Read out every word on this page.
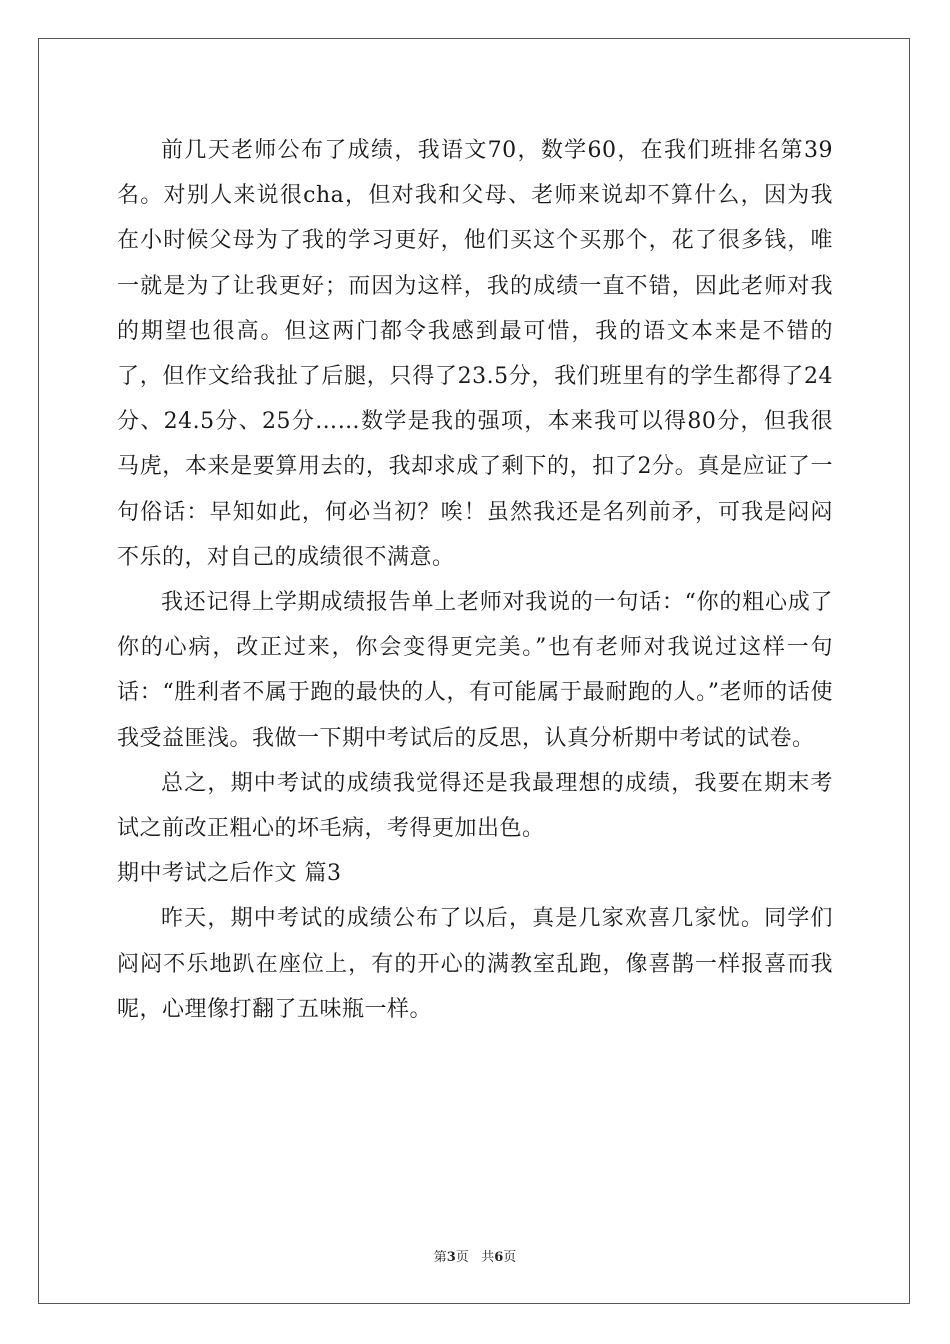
前几天老师公布了成绩，我语文70，数学60，在我们班排名第39名。对别人来说很cha，但对我和父母、老师来说却不算什么，因为我在小时候父母为了我的学习更好，他们买这个买那个，花了很多钱，唯一就是为了让我更好；而因为这样，我的成绩一直不错，因此老师对我的期望也很高。但这两门都令我感到最可惜，我的语文本来是不错的了，但作文给我扯了后腿，只得了23.5分，我们班里有的学生都得了24分、24.5分、25分……数学是我的强项，本来我可以得80分，但我很马虎，本来是要算用去的，我却求成了剩下的，扣了2分。真是应证了一句俗话：早知如此，何必当初？唉！虽然我还是名列前矛，可我是闷闷不乐的，对自己的成绩很不满意。

我还记得上学期成绩报告单上老师对我说的一句话：“你的粗心成了你的心病，改正过来，你会变得更完美。”也有老师对我说过这样一句话：“胜利者不属于跑的最快的人，有可能属于最耐跑的人。”老师的话使我受益匪浅。我做一下期中考试后的反思，认真分析期中考试的试卷。

总之，期中考试的成绩我觉得还是我最理想的成绩，我要在期末考试之前改正粗心的坏毛病，考得更加出色。

期中考试之后作文 篇3

昨天，期中考试的成绩公布了以后，真是几家欢喜几家忧。同学们闷闷不乐地趴在座位上，有的开心的满教室乱跑，像喜鹊一样报喜而我呢，心理像打翻了五味瓶一样。

第3页 共6页
